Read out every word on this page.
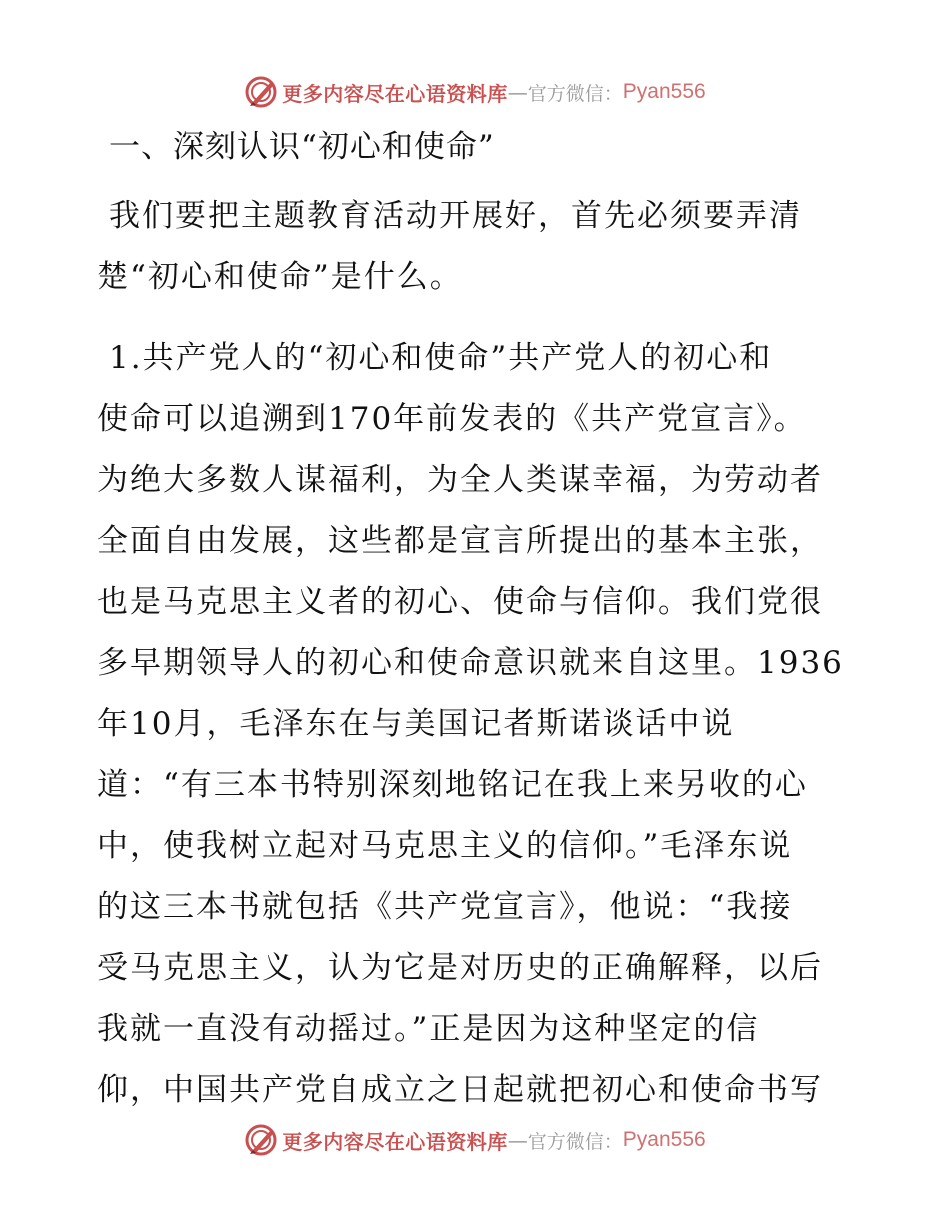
更多内容尽在心语资料库 — 官方微信： Pyan556
一、深刻认识“初心和使命”
我们要把主题教育活动开展好，首先必须要弄清
楚“初心和使命”是什么。
1.共产党人的“初心和使命”共产党人的初心和
使命可以追溯到170年前发表的《共产党宣言》。
为绝大多数人谋福利，为全人类谋幸福，为劳动者
全面自由发展，这些都是宣言所提出的基本主张，
也是马克思主义者的初心、使命与信仰。我们党很
多早期领导人的初心和使命意识就来自这里。1936
年10月，毛泽东在与美国记者斯诺谈话中说
道：“有三本书特别深刻地铭记在我上来另收的心
中，使我树立起对马克思主义的信仰。”毛泽东说
的这三本书就包括《共产党宣言》，他说：“我接
受马克思主义，认为它是对历史的正确解释，以后
我就一直没有动摇过。”正是因为这种坚定的信
仰，中国共产党自成立之日起就把初心和使命书写
更多内容尽在心语资料库 — 官方微信： Pyan556
